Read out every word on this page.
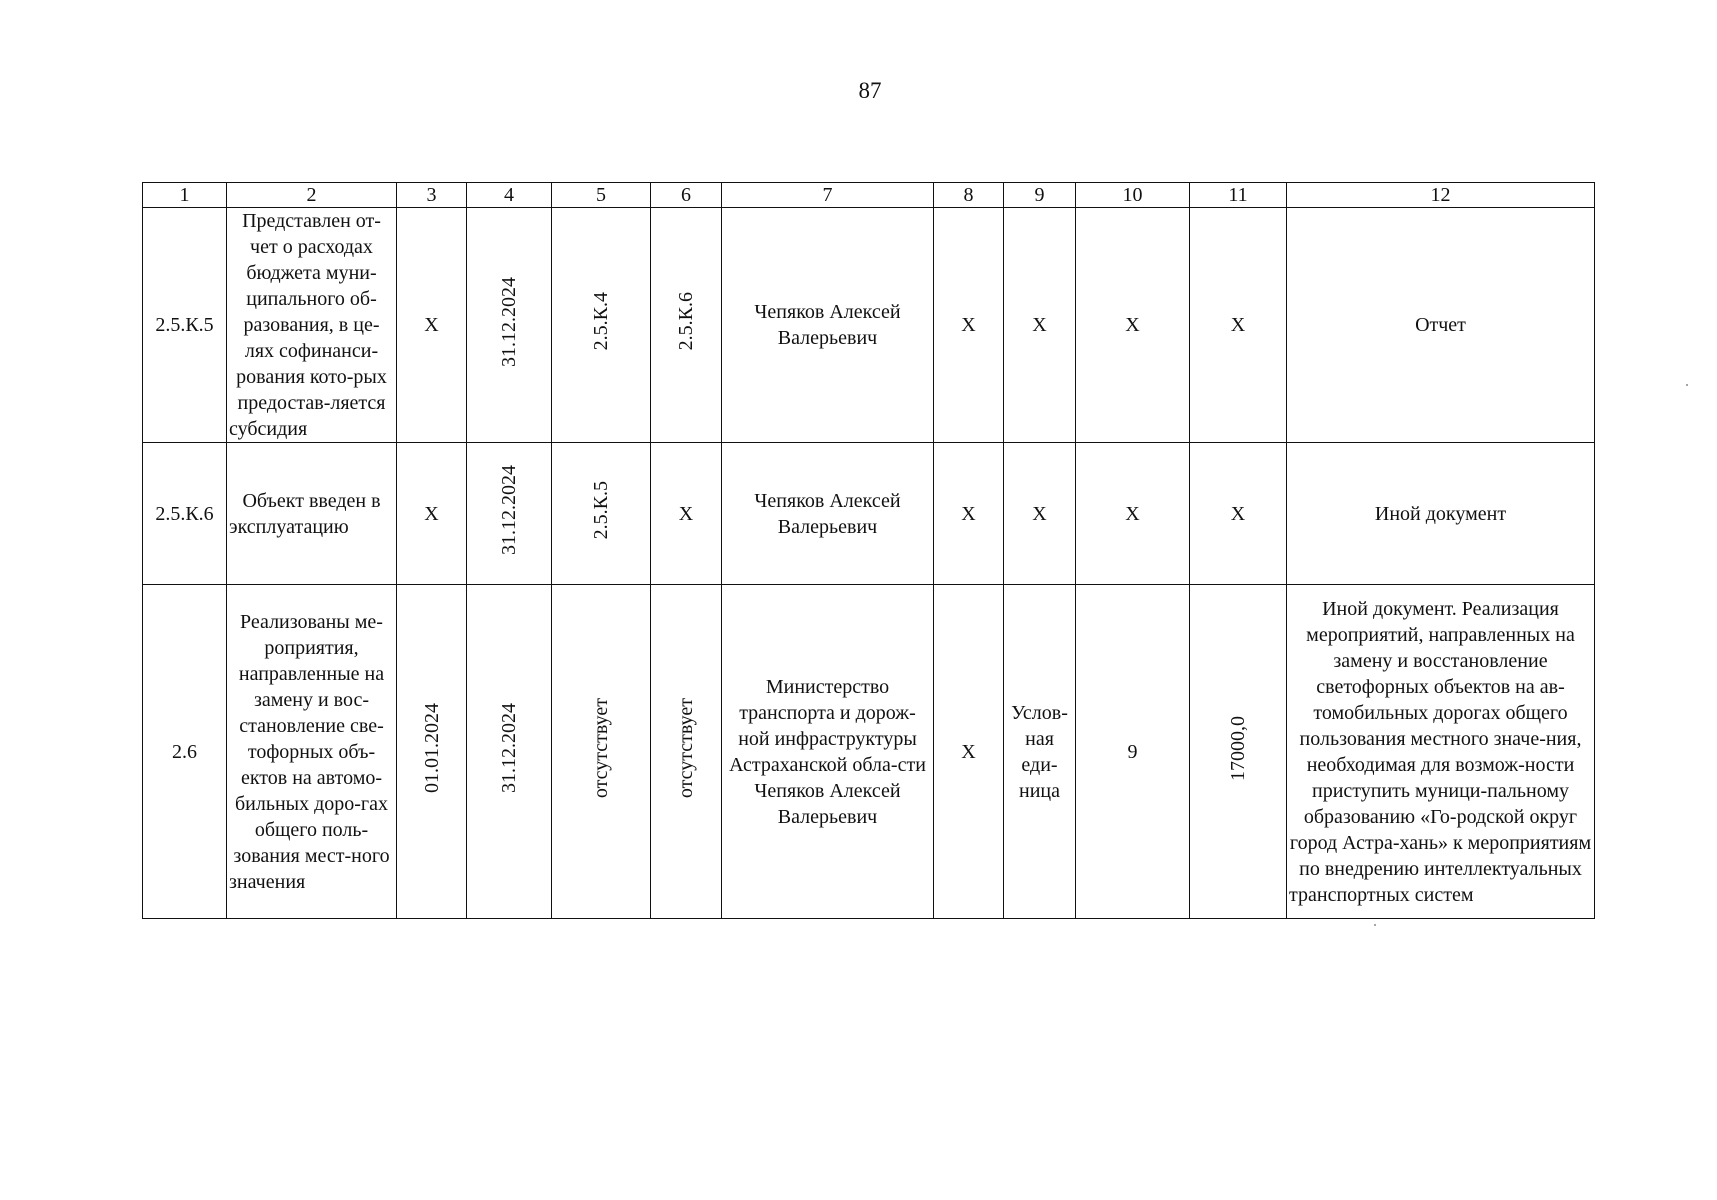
87
1	2	3	4	5	6	7	8	9	10	11	12
2.5.К.5	Представлен от-чет о расходах бюджета муни-ципального об-разования, в це-лях софинанси-рования кото-рых предостав-ляется субсидия	X	31.12.2024	2.5.К.4	2.5.К.6	Чепяков Алексей Валерьевич	X	X	X	X	Отчет
2.5.К.6	Объект введен в эксплуатацию	X	31.12.2024	2.5.К.5	X	Чепяков Алексей Валерьевич	X	X	X	X	Иной документ
2.6	Реализованы ме-роприятия, направленные на замену и вос-становление све-тофорных объ-ектов на автомо-бильных доро-гах общего поль-зования мест-ного значения	01.01.2024	31.12.2024	отсутствует	отсутствует	Министерство транспорта и дорож-ной инфраструктуры Астраханской обла-сти Чепяков Алексей Валерьевич	X	Услов-ная еди-ница	9	17000,0	Иной документ. Реализация мероприятий, направленных на замену и восстановление светофорных объектов на ав-томобильных дорогах общего пользования местного значе-ния, необходимая для возмож-ности приступить муници-пальному образованию «Го-родской округ город Астра-хань» к мероприятиям по внедрению интеллектуальных транспортных систем
